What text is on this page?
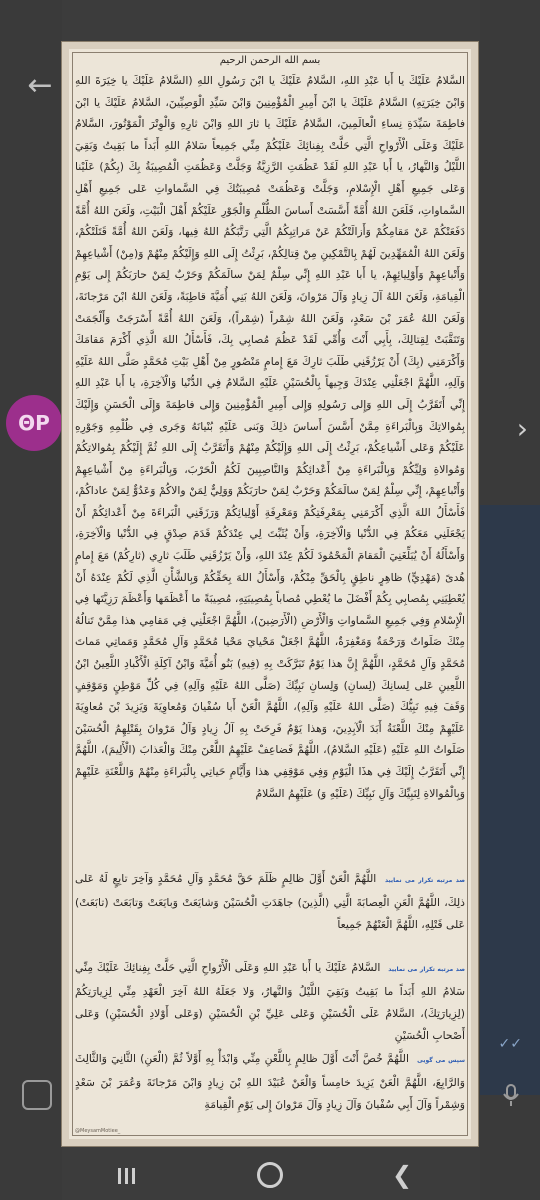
←
ΘP	›
✓✓

بسم الله الرحمن الرحیم

السَّلامُ عَلَيْكَ يا أَبا عَبْدِ اللهِ، السَّلامُ عَلَيْكَ يا ابْنَ رَسُولِ اللهِ (السَّلامُ عَلَيْكَ يا خِيَرَةَ اللهِ وَابْنَ خِيَرَتِهِ) السَّلامُ عَلَيْكَ يا ابْنَ أَمِيرِ الْمُؤْمِنِينَ وَابْنَ سَيِّدِ الْوَصِيِّينَ، السَّلامُ عَلَيْكَ يا ابْنَ فاطِمَةَ سَيِّدَةِ نِساءِ الْعالَمِينَ، السَّلامُ عَلَيْكَ يا ثارَ اللهِ وَابْنَ ثارِهِ وَالْوِتْرَ الْمَوْتُورَ، السَّلامُ عَلَيْكَ وَعَلَى الْأَرْواحِ الَّتِي حَلَّتْ بِفِنائِكَ عَلَيْكُمْ مِنِّي جَمِيعاً سَلامُ اللهِ أَبَداً ما بَقِيتُ وَبَقِيَ اللَّيْلُ وَالنَّهارُ، يا أَبا عَبْدِ اللهِ لَقَدْ عَظُمَتِ الرَّزِيَّةُ وَجَلَّتْ وَعَظُمَتِ الْمُصِيبَةُ بِكَ (بِكُمْ) عَلَيْنا وَعَلى جَمِيعِ أَهْلِ الْإِسْلامِ، وَجَلَّتْ وَعَظُمَتْ مُصِيبَتُكَ فِي السَّماواتِ عَلى جَمِيعِ أَهْلِ السَّماواتِ، فَلَعَنَ اللهُ أُمَّةً أَسَّسَتْ أَساسَ الظُّلْمِ وَالْجَوْرِ عَلَيْكُمْ أَهْلَ الْبَيْتِ، وَلَعَنَ اللهُ أُمَّةً دَفَعَتْكُمْ عَنْ مَقامِكُمْ وَأَزالَتْكُمْ عَنْ مَراتِبِكُمُ الَّتِي رَتَّبَكُمُ اللهُ فِيها، وَلَعَنَ اللهُ أُمَّةً قَتَلَتْكُمْ، وَلَعَنَ اللهُ الْمُمَهِّدِينَ لَهُمْ بِالتَّمْكِينِ مِنْ قِتالِكُمْ، بَرِئْتُ إِلَى اللهِ وَإِلَيْكُمْ مِنْهُمْ وَ(مِنْ) أَشْياعِهِمْ وَأَتْباعِهِمْ وَأَوْلِيائِهِمْ، يا أَبا عَبْدِ اللهِ إِنِّي سِلْمٌ لِمَنْ سالَمَكُمْ وَحَرْبٌ لِمَنْ حارَبَكُمْ إِلى يَوْمِ الْقِيامَةِ، وَلَعَنَ اللهُ آلَ زِيادٍ وَآلَ مَرْوانَ، وَلَعَنَ اللهُ بَنِي أُمَيَّةَ قاطِبَةً، وَلَعَنَ اللهُ ابْنَ مَرْجانَةَ، وَلَعَنَ اللهُ عُمَرَ بْنَ سَعْدٍ، وَلَعَنَ اللهُ شِمْراً (شِمْراً)، وَلَعَنَ اللهُ أُمَّةً أَسْرَجَتْ وَأَلْجَمَتْ وَتَنَقَّبَتْ لِقِتالِكَ، بِأَبِي أَنْتَ وَأُمِّي لَقَدْ عَظُمَ مُصابِي بِكَ، فَأَسْأَلُ اللهَ الَّذِي أَكْرَمَ مَقامَكَ وَأَكْرَمَنِي (بِكَ) أَنْ يَرْزُقَنِي طَلَبَ ثارِكَ مَعَ إِمامٍ مَنْصُورٍ مِنْ أَهْلِ بَيْتِ مُحَمَّدٍ صَلَّى اللهُ عَلَيْهِ وَآلِهِ، اللَّهُمَّ اجْعَلْنِي عِنْدَكَ وَجِيهاً بِالْحُسَيْنِ عَلَيْهِ السَّلامُ فِي الدُّنْيا وَالْآخِرَةِ، يا أَبا عَبْدِ اللهِ إِنِّي أَتَقَرَّبُ إِلَى اللهِ وَإِلى رَسُولِهِ وَإِلى أَمِيرِ الْمُؤْمِنِينَ وَإِلى فاطِمَةَ وَإِلَى الْحَسَنِ وَإِلَيْكَ بِمُوالاتِكَ وَبِالْبَراءَةِ مِمَّنْ أَسَّسَ أَساسَ ذلِكَ وَبَنى عَلَيْهِ بُنْيانَهُ وَجَرى فِي ظُلْمِهِ وَجَوْرِهِ عَلَيْكُمْ وَعَلى أَشْياعِكُمْ، بَرِئْتُ إِلَى اللهِ وَإِلَيْكُمْ مِنْهُمْ وَأَتَقَرَّبُ إِلَى اللهِ ثُمَّ إِلَيْكُمْ بِمُوالاتِكُمْ وَمُوالاةِ وَلِيِّكُمْ وَبِالْبَراءَةِ مِنْ أَعْدائِكُمْ وَالنَّاصِبِينَ لَكُمُ الْحَرْبَ، وَبِالْبَراءَةِ مِنْ أَشْياعِهِمْ وَأَتْباعِهِمْ، إِنِّي سِلْمٌ لِمَنْ سالَمَكُمْ وَحَرْبٌ لِمَنْ حارَبَكُمْ وَوَلِيٌّ لِمَنْ والاكُمْ وَعَدُوٌّ لِمَنْ عاداكُمْ، فَأَسْأَلُ اللهَ الَّذِي أَكْرَمَنِي بِمَعْرِفَتِكُمْ وَمَعْرِفَةِ أَوْلِيائِكُمْ وَرَزَقَنِي الْبَراءَةَ مِنْ أَعْدائِكُمْ أَنْ يَجْعَلَنِي مَعَكُمْ فِي الدُّنْيا وَالْآخِرَةِ، وَأَنْ يُثَبِّتَ لِي عِنْدَكُمْ قَدَمَ صِدْقٍ فِي الدُّنْيا وَالْآخِرَةِ، وَأَسْأَلُهُ أَنْ يُبَلِّغَنِيَ الْمَقامَ الْمَحْمُودَ لَكُمْ عِنْدَ اللهِ، وَأَنْ يَرْزُقَنِي طَلَبَ ثارِي (ثارِكُمْ) مَعَ إِمامٍ هُدىً (مَهْدِيٍّ) ظاهِرٍ ناطِقٍ بِالْحَقِّ مِنْكُمْ، وَأَسْأَلُ اللهَ بِحَقِّكُمْ وَبِالشَّأْنِ الَّذِي لَكُمْ عِنْدَهُ أَنْ يُعْطِيَنِي بِمُصابِي بِكُمْ أَفْضَلَ ما يُعْطِي مُصاباً بِمُصِيبَتِهِ، مُصِيبَةً ما أَعْظَمَها وَأَعْظَمَ رَزِيَّتَها فِي الْإِسْلامِ وَفِي جَمِيعِ السَّماواتِ وَالْأَرْضِ (الْأَرَضِينَ)، اللَّهُمَّ اجْعَلْنِي فِي مَقامِي هذا مِمَّنْ تَنالُهُ مِنْكَ صَلَواتٌ وَرَحْمَةٌ وَمَغْفِرَةٌ، اللَّهُمَّ اجْعَلْ مَحْيايَ مَحْيا مُحَمَّدٍ وَآلِ مُحَمَّدٍ وَمَماتِي مَماتَ مُحَمَّدٍ وَآلِ مُحَمَّدٍ، اللَّهُمَّ إِنَّ هذا يَوْمٌ تَبَرَّكَتْ بِهِ (فِيهِ) بَنُو أُمَيَّةَ وَابْنُ آكِلَةِ الْأَكْبادِ اللَّعِينُ ابْنُ اللَّعِينِ عَلى لِسانِكَ (لِسانِ) وَلِسانِ نَبِيِّكَ (صَلَّى اللهُ عَلَيْهِ وَآلِهِ) فِي كُلِّ مَوْطِنٍ وَمَوْقِفٍ وَقَفَ فِيهِ نَبِيُّكَ (صَلَّى اللهُ عَلَيْهِ وَآلِهِ)، اللَّهُمَّ الْعَنْ أَبا سُفْيانَ وَمُعاوِيَةَ وَيَزِيدَ بْنَ مُعاوِيَةَ عَلَيْهِمْ مِنْكَ اللَّعْنَةُ أَبَدَ الْآبِدِينَ، وَهذا يَوْمٌ فَرِحَتْ بِهِ آلُ زِيادٍ وَآلُ مَرْوانَ بِقَتْلِهِمُ الْحُسَيْنَ صَلَواتُ اللهِ عَلَيْهِ (عَلَيْهِ السَّلامُ)، اللَّهُمَّ فَضاعِفْ عَلَيْهِمُ اللَّعْنَ مِنْكَ وَالْعَذابَ (الْأَلِيمَ)، اللَّهُمَّ إِنِّي أَتَقَرَّبُ إِلَيْكَ فِي هذَا الْيَوْمِ وَفِي مَوْقِفِي هذا وَأَيَّامِ حَياتِي بِالْبَراءَةِ مِنْهُمْ وَاللَّعْنَةِ عَلَيْهِمْ وَبِالْمُوالاةِ لِنَبِيِّكَ وَآلِ نَبِيِّكَ (عَلَيْهِ وَ) عَلَيْهِمُ السَّلامُ

صد مرتبه تکرار می نمایید اللَّهُمَّ الْعَنْ أَوَّلَ ظالِمٍ ظَلَمَ حَقَّ مُحَمَّدٍ وَآلِ مُحَمَّدٍ وَآخِرَ تابِعٍ لَهُ عَلى ذلِكَ، اللَّهُمَّ الْعَنِ الْعِصابَةَ الَّتِي (الَّذِينَ) جاهَدَتِ الْحُسَيْنَ وَشايَعَتْ وَبايَعَتْ وَتابَعَتْ (تابَعَتْ) عَلى قَتْلِهِ، اللَّهُمَّ الْعَنْهُمْ جَمِيعاً

صد مرتبه تکرار می نمایید السَّلامُ عَلَيْكَ يا أَبا عَبْدِ اللهِ وَعَلَى الْأَرْواحِ الَّتِي حَلَّتْ بِفِنائِكَ عَلَيْكَ مِنِّي سَلامُ اللهِ أَبَداً ما بَقِيتُ وَبَقِيَ اللَّيْلُ وَالنَّهارُ، وَلا جَعَلَهُ اللهُ آخِرَ الْعَهْدِ مِنِّي لِزِيارَتِكُمْ (لِزِيارَتِكَ)، السَّلامُ عَلَى الْحُسَيْنِ وَعَلى عَلِيِّ بْنِ الْحُسَيْنِ (وَعَلى أَوْلادِ الْحُسَيْنِ) وَعَلى أَصْحابِ الْحُسَيْنِ

سپس می گویی اللَّهُمَّ خُصَّ أَنْتَ أَوَّلَ ظالِمٍ بِاللَّعْنِ مِنِّي وَابْدَأْ بِهِ أَوَّلاً ثُمَّ (الْعَنِ) الثَّانِيَ وَالثَّالِثَ وَالرَّابِعَ، اللَّهُمَّ الْعَنْ يَزِيدَ خامِساً وَالْعَنْ عُبَيْدَ اللهِ بْنَ زِيادٍ وَابْنَ مَرْجانَةَ وَعُمَرَ بْنَ سَعْدٍ وَشِمْراً وَآلَ أَبِي سُفْيانَ وَآلَ زِيادٍ وَآلَ مَرْوانَ إِلى يَوْمِ الْقِيامَةِ

@MeysamMotiee_
❮
